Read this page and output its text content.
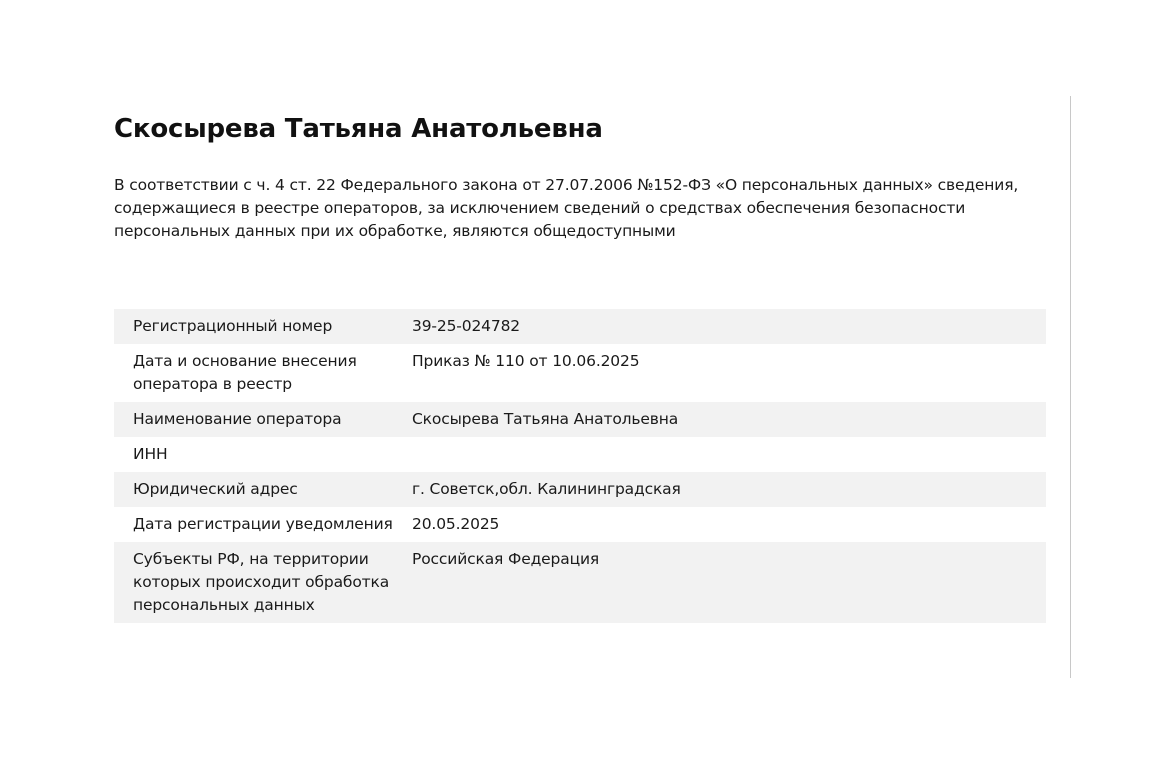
Скосырева Татьяна Анатольевна

В соответствии с ч. 4 ст. 22 Федерального закона от 27.07.2006 №152-ФЗ «О персональных данных» сведения, содержащиеся в реестре операторов, за исключением сведений о средствах обеспечения безопасности персональных данных при их обработке, являются общедоступными

Регистрационный номер	39-25-024782
Дата и основание внесения оператора в реестр	Приказ № 110 от 10.06.2025
Наименование оператора	Скосырева Татьяна Анатольевна
ИНН	
Юридический адрес	г. Советск,обл. Калининградская
Дата регистрации уведомления	20.05.2025
Субъекты РФ, на территории которых происходит обработка персональных данных	Российская Федерация
